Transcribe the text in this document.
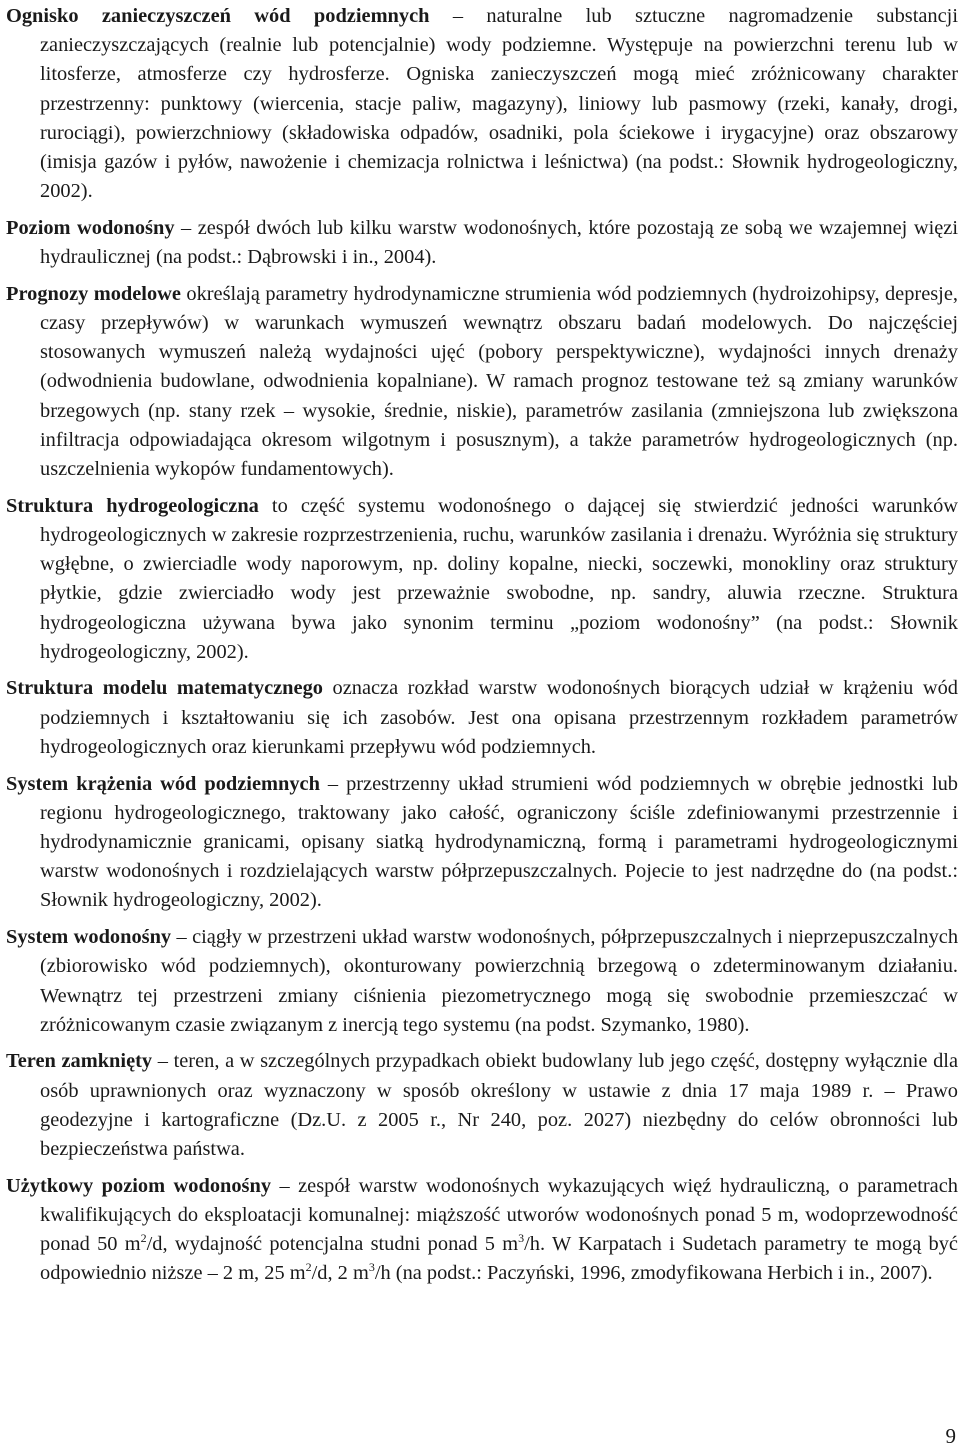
Ognisko zanieczyszczeń wód podziemnych – naturalne lub sztuczne nagromadzenie substancji zanieczyszczających (realnie lub potencjalnie) wody podziemne. Występuje na powierzchni terenu lub w litosferze, atmosferze czy hydrosferze. Ogniska zanieczyszczeń mogą mieć zróżnicowany charakter przestrzenny: punktowy (wiercenia, stacje paliw, magazyny), liniowy lub pasmowy (rzeki, kanały, drogi, rurociągi), powierzchniowy (składowiska odpadów, osadniki, pola ściekowe i irygacyjne) oraz obszarowy (imisja gazów i pyłów, nawożenie i chemizacja rolnictwa i leśnictwa) (na podst.: Słownik hydrogeologiczny, 2002).

Poziom wodonośny – zespół dwóch lub kilku warstw wodonośnych, które pozostają ze sobą we wzajemnej więzi hydraulicznej (na podst.: Dąbrowski i in., 2004).

Prognozy modelowe określają parametry hydrodynamiczne strumienia wód podziemnych (hydroizohipsy, depresje, czasy przepływów) w warunkach wymuszeń wewnątrz obszaru badań modelowych. Do najczęściej stosowanych wymuszeń należą wydajności ujęć (pobory perspektywiczne), wydajności innych drenaży (odwodnienia budowlane, odwodnienia kopalniane). W ramach prognoz testowane też są zmiany warunków brzegowych (np. stany rzek – wysokie, średnie, niskie), parametrów zasilania (zmniejszona lub zwiększona infiltracja odpowiadająca okresom wilgotnym i posusznym), a także parametrów hydrogeologicznych (np. uszczelnienia wykopów fundamentowych).

Struktura hydrogeologiczna to część systemu wodonośnego o dającej się stwierdzić jedności warunków hydrogeologicznych w zakresie rozprzestrzenienia, ruchu, warunków zasilania i drenażu. Wyróżnia się struktury wgłębne, o zwierciadle wody naporowym, np. doliny kopalne, niecki, soczewki, monokliny oraz struktury płytkie, gdzie zwierciadło wody jest przeważnie swobodne, np. sandry, aluwia rzeczne. Struktura hydrogeologiczna używana bywa jako synonim terminu „poziom wodonośny” (na podst.: Słownik hydrogeologiczny, 2002).

Struktura modelu matematycznego oznacza rozkład warstw wodonośnych biorących udział w krążeniu wód podziemnych i kształtowaniu się ich zasobów. Jest ona opisana przestrzennym rozkładem parametrów hydrogeologicznych oraz kierunkami przepływu wód podziemnych.

System krążenia wód podziemnych – przestrzenny układ strumieni wód podziemnych w obrębie jednostki lub regionu hydrogeologicznego, traktowany jako całość, ograniczony ściśle zdefiniowanymi przestrzennie i hydrodynamicznie granicami, opisany siatką hydrodynamiczną, formą i parametrami hydrogeologicznymi warstw wodonośnych i rozdzielających warstw półprzepuszczalnych. Pojecie to jest nadrzędne do (na podst.: Słownik hydrogeologiczny, 2002).

System wodonośny – ciągły w przestrzeni układ warstw wodonośnych, półprzepuszczalnych i nieprzepuszczalnych (zbiorowisko wód podziemnych), okonturowany powierzchnią brzegową o zdeterminowanym działaniu. Wewnątrz tej przestrzeni zmiany ciśnienia piezometrycznego mogą się swobodnie przemieszczać w zróżnicowanym czasie związanym z inercją tego systemu (na podst. Szymanko, 1980).

Teren zamknięty – teren, a w szczególnych przypadkach obiekt budowlany lub jego część, dostępny wyłącznie dla osób uprawnionych oraz wyznaczony w sposób określony w ustawie z dnia 17 maja 1989 r. – Prawo geodezyjne i kartograficzne (Dz.U. z 2005 r., Nr 240, poz. 2027) niezbędny do celów obronności lub bezpieczeństwa państwa.

Użytkowy poziom wodonośny – zespół warstw wodonośnych wykazujących więź hydrauliczną, o parametrach kwalifikujących do eksploatacji komunalnej: miąższość utworów wodonośnych ponad 5 m, wodoprzewodność ponad 50 $m^2/d$, wydajność potencjalna studni ponad 5 $m^3/h$. W Karpatach i Sudetach parametry te mogą być odpowiednio niższe – 2 m, 25 $m^2/d$, 2 $m^3/h$ (na podst.: Paczyński, 1996, zmodyfikowana Herbich i in., 2007).

9
